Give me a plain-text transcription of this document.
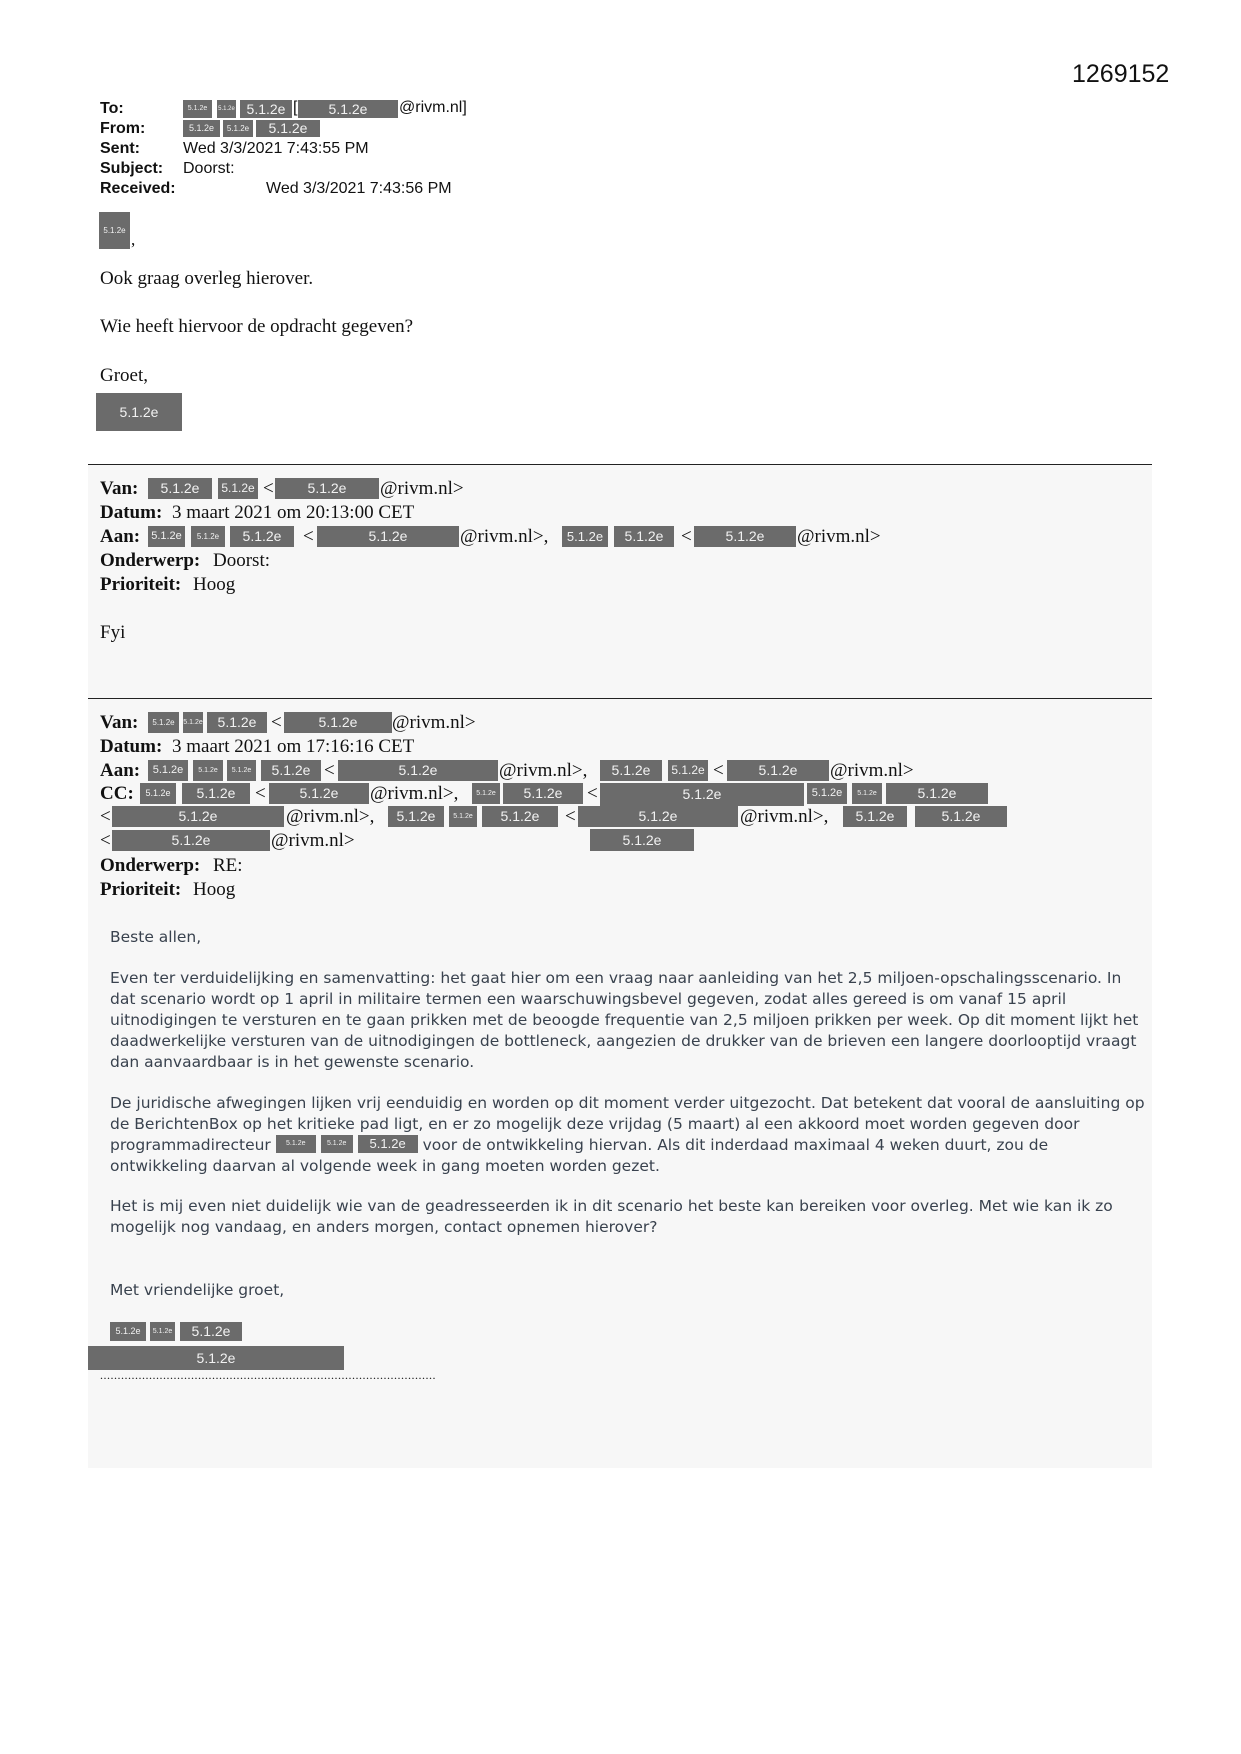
1269152
To:	5.1.2e	5.1.2e 5.1.2e [	5.1.2e	@rivm.nl]
From:	5.1.2e	5.1.2e	5.1.2e
Sent:	Wed 3/3/2021 7:43:55 PM
Subject: Doorst:
Received:	Wed 3/3/2021 7:43:56 PM
5.1.2e ,
Ook graag overleg hierover.
Wie heeft hiervoor de opdracht gegeven?
Groet,
5.1.2e
Van:	5.1.2e	5.1.2e <	5.1.2e	@rivm.nl>
Datum: 3 maart 2021 om 20:13:00 CET
Aan: 5.1.2e	5.1.2e	5.1.2e	<	5.1.2e	@rivm.nl>,	5.1.2e	5.1.2e <	5.1.2e	@rivm.nl>
Onderwerp: Doorst:
Prioriteit: Hoog
Fyi
Van:	5.1.2e	5.1.2e	5.1.2e <	5.1.2e	@rivm.nl>
Datum: 3 maart 2021 om 17:16:16 CET
Aan:	5.1.2e	5.1.2e	5.1.2e	5.1.2e <	5.1.2e	@rivm.nl>,	5.1.2e	5.1.2e <	5.1.2e	@rivm.nl>
CC:	5.1.2e	5.1.2e	<	5.1.2e	@rivm.nl>,	5.1.2e	5.1.2e	<	5.1.2e	5.1.2e	5.1.2e	5.1.2e
<	5.1.2e	@rivm.nl>,	5.1.2e	5.1.2e	5.1.2e	<	5.1.2e	@rivm.nl>,	5.1.2e	5.1.2e
<	5.1.2e	@rivm.nl>	5.1.2e
Onderwerp: RE:
Prioriteit: Hoog
Beste allen,
Even ter verduidelijking en samenvatting: het gaat hier om een vraag naar aanleiding van het 2,5 miljoen-opschalingsscenario. In dat scenario wordt op 1 april in militaire termen een waarschuwingsbevel gegeven, zodat alles gereed is om vanaf 15 april uitnodigingen te versturen en te gaan prikken met de beoogde frequentie van 2,5 miljoen prikken per week. Op dit moment lijkt het daadwerkelijke versturen van de uitnodigingen de bottleneck, aangezien de drukker van de brieven een langere doorlooptijd vraagt dan aanvaardbaar is in het gewenste scenario.
De juridische afwegingen lijken vrij eenduidig en worden op dit moment verder uitgezocht. Dat betekent dat vooral de aansluiting op de BerichtenBox op het kritieke pad ligt, en er zo mogelijk deze vrijdag (5 maart) al een akkoord moet worden gegeven door programmadirecteur	5.1.2e
	5.1.2e
	5.1.2e	voor de ontwikkeling hiervan. Als dit inderdaad maximaal 4 weken duurt, zou de ontwikkeling daarvan al volgende week in gang moeten worden gezet.
Het is mij even niet duidelijk wie van de geadresseerden ik in dit scenario het beste kan bereiken voor overleg. Met wie kan ik zo mogelijk nog vandaag, en anders morgen, contact opnemen hierover?
Met vriendelijke groet,
5.1.2e	5.1.2e	5.1.2e
5.1.2e
................................................................................................
